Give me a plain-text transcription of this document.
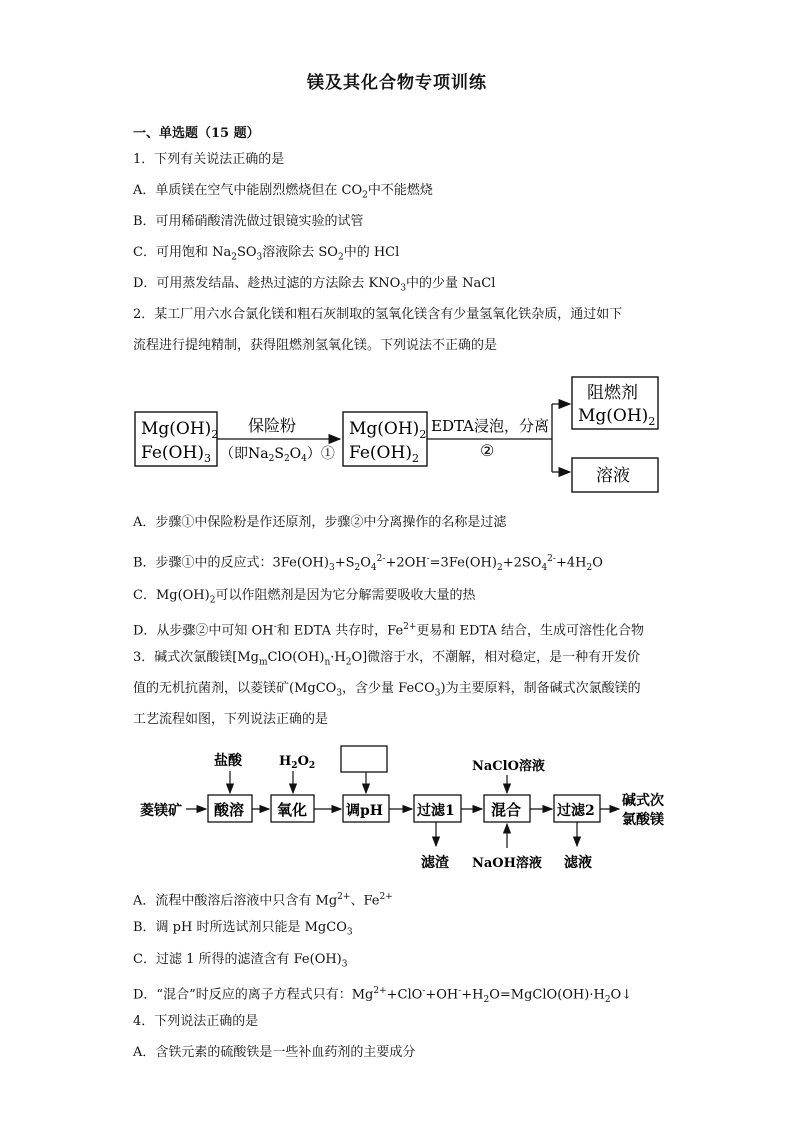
镁及其化合物专项训练
一、单选题（15 题）
1．下列有关说法正确的是
A．单质镁在空气中能剧烈燃烧但在 $CO_2$中不能燃烧
B．可用稀硝酸清洗做过银镜实验的试管
C．可用饱和 $Na_2SO_3$溶液除去 $SO_2$中的 HCl
D．可用蒸发结晶、趁热过滤的方法除去 $KNO_3$中的少量 NaCl
2．某工厂用六水合氯化镁和粗石灰制取的氢氧化镁含有少量氢氧化铁杂质，通过如下
流程进行提纯精制，获得阻燃剂氢氧化镁。下列说法不正确的是
$Mg(OH)_2$
$Fe(OH)_3$
保险粉
（即$Na_2S_2O_4)①$
$Mg(OH)_2$
$Fe(OH)_2$
EDTA浸泡，分离
②
阻燃剂
$Mg(OH)_2$
溶液
A．步骤①中保险粉是作还原剂，步骤②中分离操作的名称是过滤
B．步骤①中的反应式：$3Fe(OH)_3+S_2O_4^{2-}+2OH^-=3Fe(OH)_2+2SO_4^{2-}+4H_2O$
C．$Mg(OH)_2$可以作阻燃剂是因为它分解需要吸收大量的热
D．从步骤②中可知 OH-和 EDTA 共存时，$Fe^{2+}$更易和 EDTA 结合，生成可溶性化合物
3．碱式次氯酸镁$[Mg_mClO(OH)_n\cdot H_2O]$微溶于水，不潮解，相对稳定，是一种有开发价
值的无机抗菌剂，以菱镁矿(MgCO$_3$，含少量 FeCO$_3$)为主要原料，制备碱式次氯酸镁的
工艺流程如图，下列说法正确的是
菱镁矿 酸溶
盐酸
氧化
$H_2O_2$
调pH 过滤1
滤渣
混合
NaClO溶液
NaOH溶液
过滤2
滤液
碱式次
氯酸镁
A．流程中酸溶后溶液中只含有 $Mg^{2+}$、$Fe^{2+}$
B．调 pH 时所选试剂只能是 MgCO$_3$
C．过滤 1 所得的滤渣含有 $Fe(OH)_3$
D．“混合”时反应的离子方程式只有：$Mg^{2+}+ClO^-+OH^-+H_2O=MgClO(OH)\cdot H_2O↓$
4．下列说法正确的是
A．含铁元素的硫酸铁是一些补血药剂的主要成分
